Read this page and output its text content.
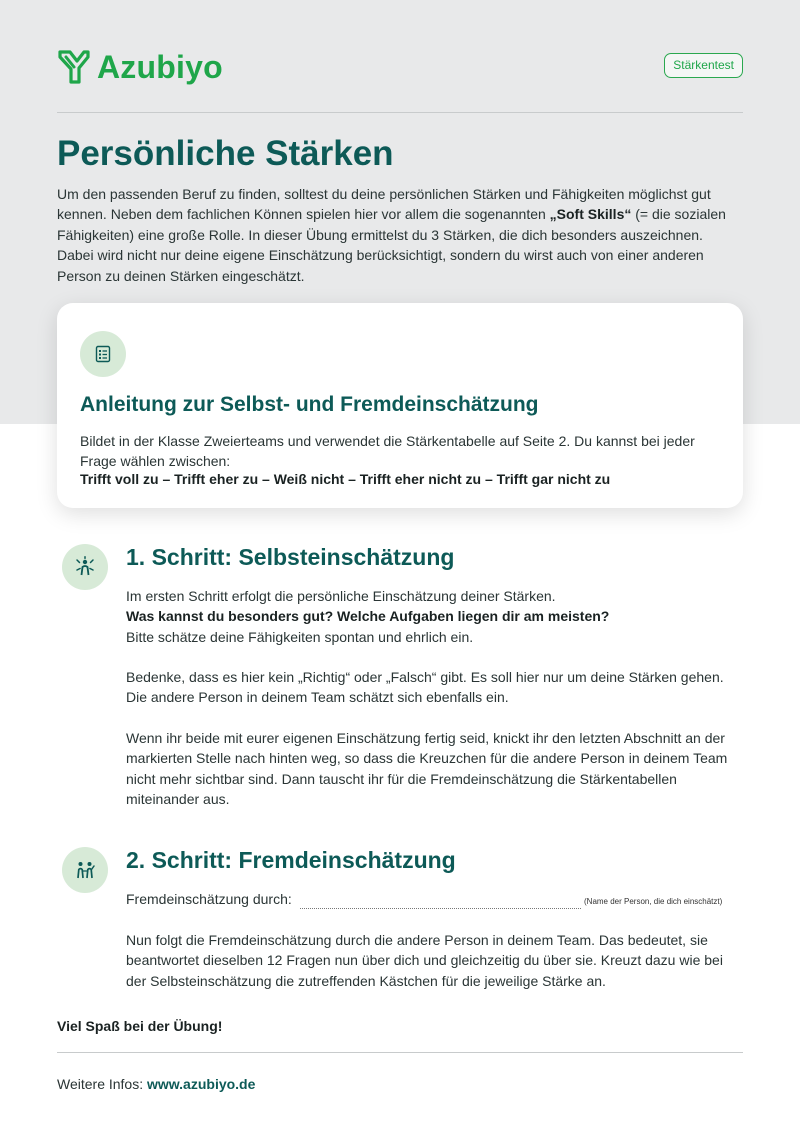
Azubiyo	Stärkentest
Persönliche Stärken

Um den passenden Beruf zu finden, solltest du deine persönlichen Stärken und Fähigkeiten möglichst gut kennen. Neben dem fachlichen Können spielen hier vor allem die sogenannten „Soft Skills“ (= die sozialen Fähigkeiten) eine große Rolle. In dieser Übung ermittelst du 3 Stärken, die dich besonders auszeichnen. Dabei wird nicht nur deine eigene Einschätzung berücksichtigt, sondern du wirst auch von einer anderen Person zu deinen Stärken eingeschätzt.

Anleitung zur Selbst- und Fremdeinschätzung
Bildet in der Klasse Zweierteams und verwendet die Stärkentabelle auf Seite 2. Du kannst bei jeder Frage wählen zwischen:
Trifft voll zu – Trifft eher zu – Weiß nicht – Trifft eher nicht zu – Trifft gar nicht zu
1. Schritt: Selbsteinschätzung
Im ersten Schritt erfolgt die persönliche Einschätzung deiner Stärken.
Was kannst du besonders gut? Welche Aufgaben liegen dir am meisten?
Bitte schätze deine Fähigkeiten spontan und ehrlich ein.
Bedenke, dass es hier kein „Richtig“ oder „Falsch“ gibt. Es soll hier nur um deine Stärken gehen. Die andere Person in deinem Team schätzt sich ebenfalls ein.
Wenn ihr beide mit eurer eigenen Einschätzung fertig seid, knickt ihr den letzten Abschnitt an der markierten Stelle nach hinten weg, so dass die Kreuzchen für die andere Person in deinem Team nicht mehr sichtbar sind. Dann tauscht ihr für die Fremdeinschätzung die Stärkentabellen miteinander aus.
2. Schritt: Fremdeinschätzung
Fremdeinschätzung durch:	(Name der Person, die dich einschätzt)
Nun folgt die Fremdeinschätzung durch die andere Person in deinem Team. Das bedeutet, sie beantwortet dieselben 12 Fragen nun über dich und gleichzeitig du über sie. Kreuzt dazu wie bei der Selbsteinschätzung die zutreffenden Kästchen für die jeweilige Stärke an.
Viel Spaß bei der Übung!
Weitere Infos: www.azubiyo.de
